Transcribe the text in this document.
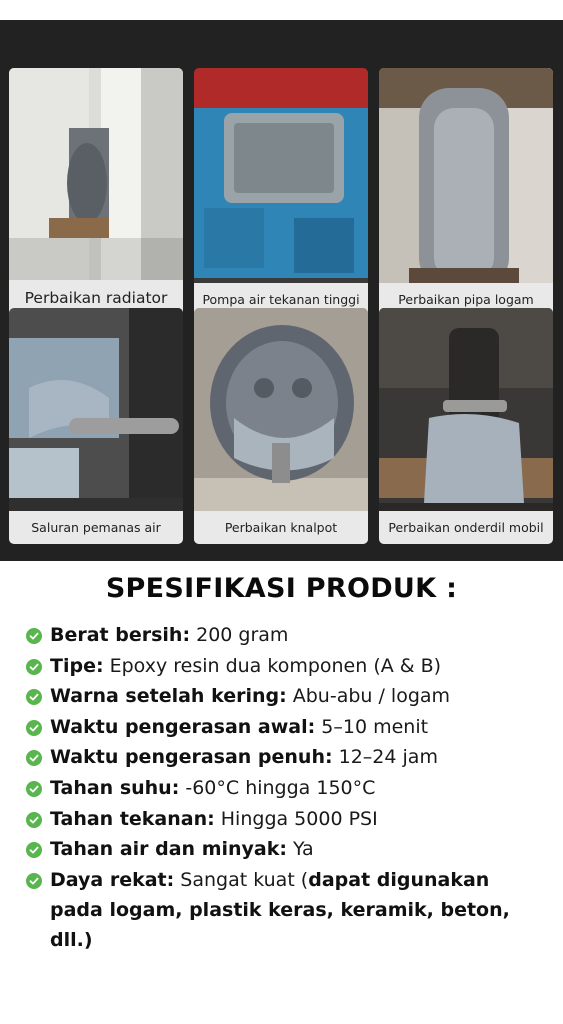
Perbaikan radiator	Pompa air tekanan tinggi	Perbaikan pipa logam
Saluran pemanas air	Perbaikan knalpot	Perbaikan onderdil mobil
SPESIFIKASI PRODUK :
Berat bersih: 200 gram
Tipe: Epoxy resin dua komponen (A & B)
Warna setelah kering: Abu-abu / logam
Waktu pengerasan awal: 5–10 menit
Waktu pengerasan penuh: 12–24 jam
Tahan suhu: -60°C hingga 150°C
Tahan tekanan: Hingga 5000 PSI
Tahan air dan minyak: Ya
Daya rekat: Sangat kuat (dapat digunakan pada logam, plastik keras, keramik, beton, dll.)
